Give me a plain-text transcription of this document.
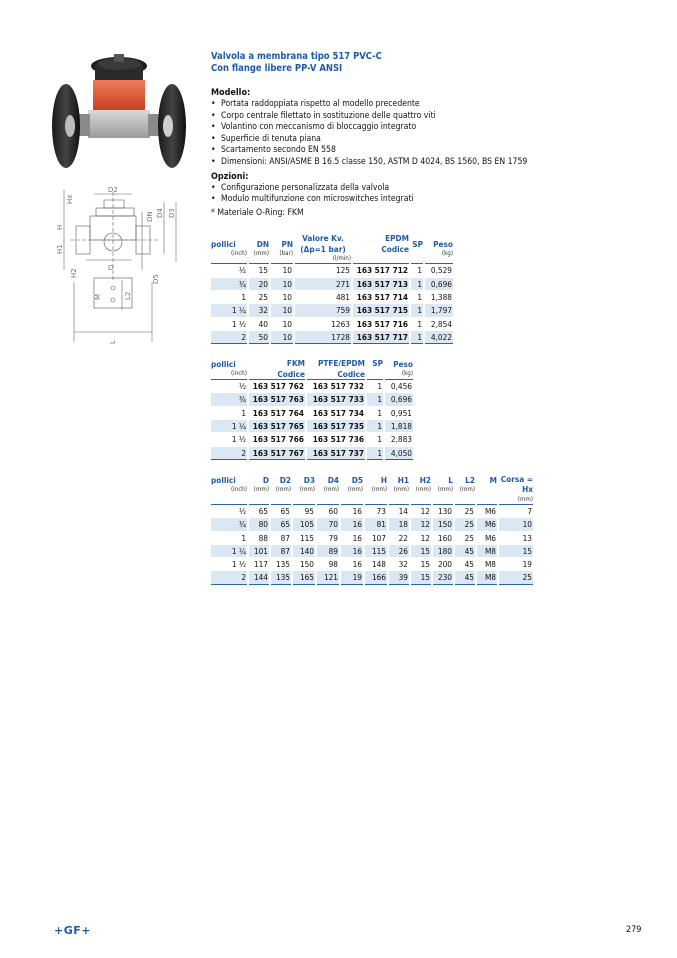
Hx
D2
H
DN D4 D3
H1
H2
D
D5
M	L2
L
Valvola a membrana tipo 517 PVC-C
Con flange libere PP-V ANSI
Modello:
• Portata raddoppiata rispetto al modello precedente
• Corpo centrale filettato in sostituzione delle quattro viti
• Volantino con meccanismo di bloccaggio integrato
• Superficie di tenuta piana
• Scartamento secondo EN 558
• Dimensioni: ANSI/ASME B 16.5 classe 150, ASTM D 4024, BS 1560, BS EN 1759
Opzioni:
• Configurazione personalizzata della valvola
• Modulo multifunzione con microswitches integrati
* Materiale O-Ring: FKM
pollici
(inch)	DN
(mm)	PN
(bar)	Valore Kv.
(Δp=1 bar)
(l/min)	EPDM
Codice	SP	Peso
(kg)

½	15	10	125	163 517 712	1	0,529
¾	20	10	271	163 517 713	1	0,696
1	25	10	481	163 517 714	1	1,388
1 ¼	32	10	759	163 517 715	1	1,797
1 ½	40	10	1263	163 517 716	1	2,854
2	50	10	1728	163 517 717	1	4,022
pollici
(inch)	FKM
Codice	PTFE/EPDM
Codice	SP	Peso
(kg)

½	163 517 762	163 517 732	1	0,456
¾	163 517 763	163 517 733	1	0,696
1	163 517 764	163 517 734	1	0,951
1 ¼	163 517 765	163 517 735	1	1,818
1 ½	163 517 766	163 517 736	1	2,883
2	163 517 767	163 517 737	1	4,050
pollici
(inch)	D
(mm)	D2
(mm)	D3
(mm)	D4
(mm)	D5
(mm)	H
(mm)	H1
(mm)	H2
(mm)	L
(mm)	L2
(mm)	M	Corsa =
Hx
(mm)

½	65	65	95	60	16	73	14	12	130	25	M6	7
¾	80	65	105	70	16	81	18	12	150	25	M6	10
1	88	87	115	79	16	107	22	12	160	25	M6	13
1 ¼	101	87	140	89	16	115	26	15	180	45	M8	15
1 ½	117	135	150	98	16	148	32	15	200	45	M8	19
2	144	135	165	121	19	166	39	15	230	45	M8	25
+GF+	279
